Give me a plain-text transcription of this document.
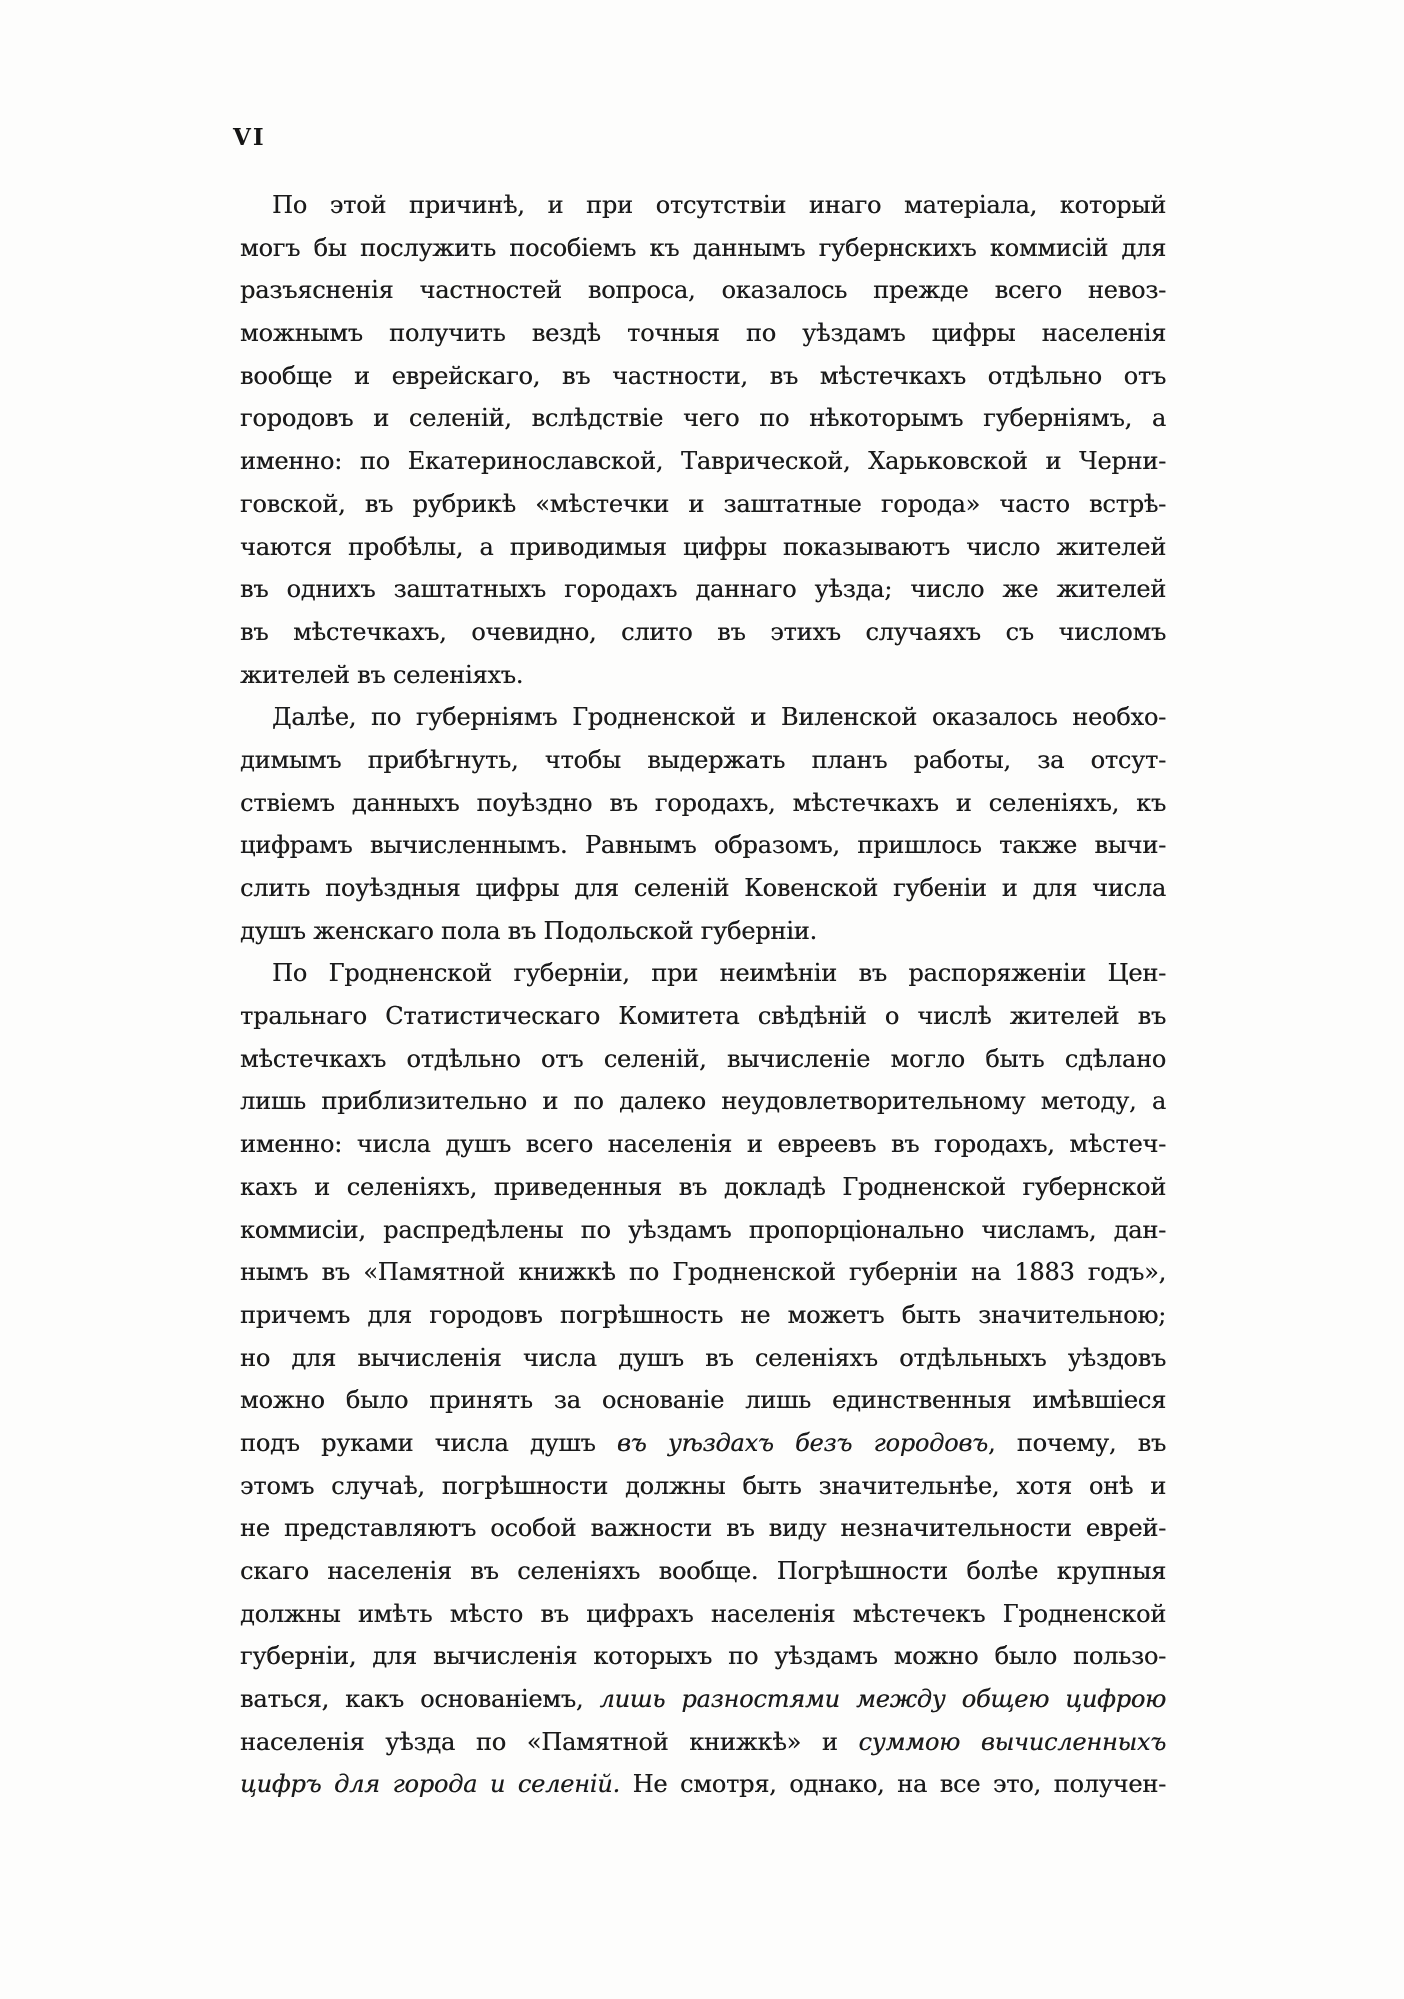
VI
По этой причинѣ, и при отсутствіи инаго матеріала, который
могъ бы послужить пособіемъ къ даннымъ губернскихъ коммисій для
разъясненія частностей вопроса, оказалось прежде всего невоз-
можнымъ получить вездѣ точныя по уѣздамъ цифры населенія
вообще и еврейскаго, въ частности, въ мѣстечкахъ отдѣльно отъ
городовъ и селеній, вслѣдствіе чего по нѣкоторымъ губерніямъ, а
именно: по Екатеринославской, Таврической, Харьковской и Черни-
говской, въ рубрикѣ «мѣстечки и заштатные города» часто встрѣ-
чаются пробѣлы, а приводимыя цифры показываютъ число жителей
въ однихъ заштатныхъ городахъ даннаго уѣзда; число же жителей
въ мѣстечкахъ, очевидно, слито въ этихъ случаяхъ съ числомъ
жителей въ селеніяхъ.
Далѣе, по губерніямъ Гродненской и Виленской оказалось необхо-
димымъ прибѣгнуть, чтобы выдержать планъ работы, за отсут-
ствіемъ данныхъ поуѣздно въ городахъ, мѣстечкахъ и селеніяхъ, къ
цифрамъ вычисленнымъ. Равнымъ образомъ, пришлось также вычи-
слить поуѣздныя цифры для селеній Ковенской губеніи и для числа
душъ женскаго пола въ Подольской губерніи.
По Гродненской губерніи, при неимѣніи въ распоряженіи Цен-
тральнаго Статистическаго Комитета свѣдѣній о числѣ жителей въ
мѣстечкахъ отдѣльно отъ селеній, вычисленіе могло быть сдѣлано
лишь приблизительно и по далеко неудовлетворительному методу, а
именно: числа душъ всего населенія и евреевъ въ городахъ, мѣстеч-
кахъ и селеніяхъ, приведенныя въ докладѣ Гродненской губернской
коммисіи, распредѣлены по уѣздамъ пропорціонально числамъ, дан-
нымъ въ «Памятной книжкѣ по Гродненской губерніи на 1883 годъ»,
причемъ для городовъ погрѣшность не можетъ быть значительною;
но для вычисленія числа душъ въ селеніяхъ отдѣльныхъ уѣздовъ
можно было принять за основаніе лишь единственныя имѣвшіеся
подъ руками числа душъ въ уѣздахъ безъ городовъ, почему, въ
этомъ случаѣ, погрѣшности должны быть значительнѣе, хотя онѣ и
не представляютъ особой важности въ виду незначительности еврей-
скаго населенія въ селеніяхъ вообще. Погрѣшности болѣе крупныя
должны имѣть мѣсто въ цифрахъ населенія мѣстечекъ Гродненской
губерніи, для вычисленія которыхъ по уѣздамъ можно было пользо-
ваться, какъ основаніемъ, лишь разностями между общею цифрою
населенія уѣзда по «Памятной книжкѣ» и суммою вычисленныхъ
цифръ для города и селеній. Не смотря, однако, на все это, получен-
